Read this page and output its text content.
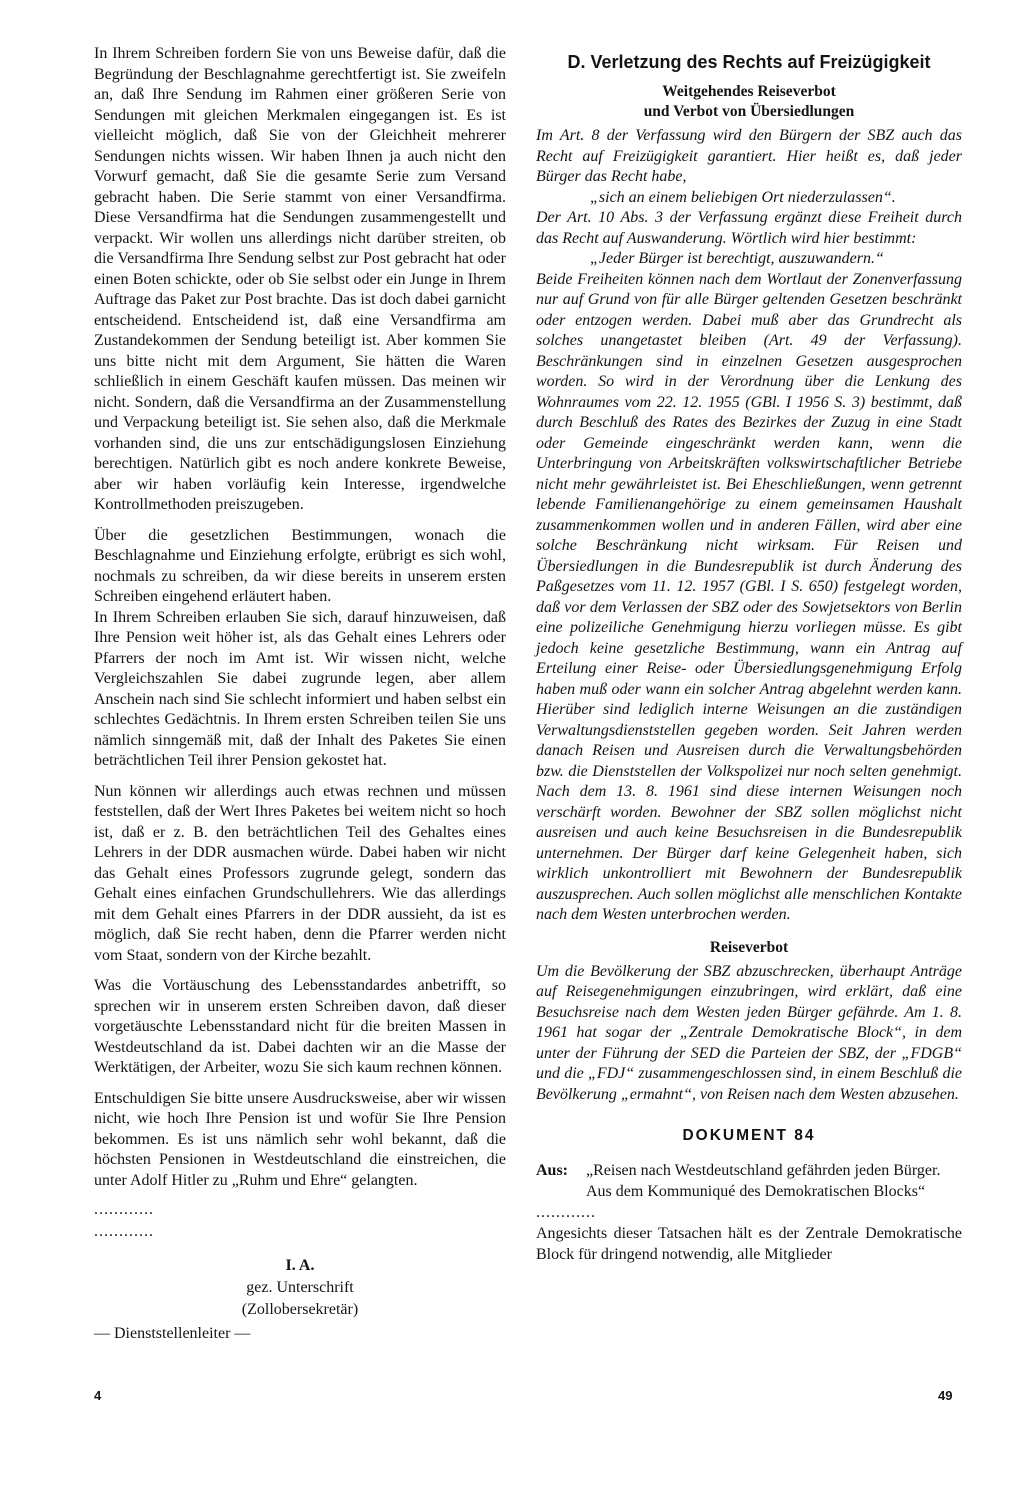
In Ihrem Schreiben fordern Sie von uns Beweise dafür, daß die Begründung der Beschlagnahme gerechtfertigt ist. Sie zweifeln an, daß Ihre Sendung im Rahmen einer größeren Serie von Sendungen mit gleichen Merkmalen eingegangen ist. Es ist vielleicht möglich, daß Sie von der Gleichheit mehrerer Sendungen nichts wissen. Wir haben Ihnen ja auch nicht den Vorwurf gemacht, daß Sie die gesamte Serie zum Versand gebracht haben. Die Serie stammt von einer Versandfirma. Diese Versandfirma hat die Sendungen zusammengestellt und verpackt. Wir wollen uns allerdings nicht darüber streiten, ob die Versandfirma Ihre Sendung selbst zur Post gebracht hat oder einen Boten schickte, oder ob Sie selbst oder ein Junge in Ihrem Auftrage das Paket zur Post brachte. Das ist doch dabei garnicht entscheidend. Entscheidend ist, daß eine Versandfirma am Zustandekommen der Sendung beteiligt ist. Aber kommen Sie uns bitte nicht mit dem Argument, Sie hätten die Waren schließlich in einem Geschäft kaufen müssen. Das meinen wir nicht. Sondern, daß die Versandfirma an der Zusammenstellung und Verpackung beteiligt ist. Sie sehen also, daß die Merkmale vorhanden sind, die uns zur entschädigungslosen Einziehung berechtigen. Natürlich gibt es noch andere konkrete Beweise, aber wir haben vorläufig kein Interesse, irgendwelche Kontrollmethoden preiszugeben.

Über die gesetzlichen Bestimmungen, wonach die Beschlagnahme und Einziehung erfolgte, erübrigt es sich wohl, nochmals zu schreiben, da wir diese bereits in unserem ersten Schreiben eingehend erläutert haben.

In Ihrem Schreiben erlauben Sie sich, darauf hinzuweisen, daß Ihre Pension weit höher ist, als das Gehalt eines Lehrers oder Pfarrers der noch im Amt ist. Wir wissen nicht, welche Vergleichszahlen Sie dabei zugrunde legen, aber allem Anschein nach sind Sie schlecht informiert und haben selbst ein schlechtes Gedächtnis. In Ihrem ersten Schreiben teilen Sie uns nämlich sinngemäß mit, daß der Inhalt des Paketes Sie einen beträchtlichen Teil ihrer Pension gekostet hat.

Nun können wir allerdings auch etwas rechnen und müssen feststellen, daß der Wert Ihres Paketes bei weitem nicht so hoch ist, daß er z. B. den beträchtlichen Teil des Gehaltes eines Lehrers in der DDR ausmachen würde. Dabei haben wir nicht das Gehalt eines Professors zugrunde gelegt, sondern das Gehalt eines einfachen Grundschullehrers. Wie das allerdings mit dem Gehalt eines Pfarrers in der DDR aussieht, da ist es möglich, daß Sie recht haben, denn die Pfarrer werden nicht vom Staat, sondern von der Kirche bezahlt.

Was die Vortäuschung des Lebensstandardes anbetrifft, so sprechen wir in unserem ersten Schreiben davon, daß dieser vorgetäuschte Lebensstandard nicht für die breiten Massen in Westdeutschland da ist. Dabei dachten wir an die Masse der Werktätigen, der Arbeiter, wozu Sie sich kaum rechnen können.

Entschuldigen Sie bitte unsere Ausdrucksweise, aber wir wissen nicht, wie hoch Ihre Pension ist und wofür Sie Ihre Pension bekommen. Es ist uns nämlich sehr wohl bekannt, daß die höchsten Pensionen in Westdeutschland die einstreichen, die unter Adolf Hitler zu „Ruhm und Ehre“ gelangten.

............
............
I. A.
gez. Unterschrift
(Zollobersekretär)
— Dienststellenleiter —
D. Verletzung des Rechts auf Freizügigkeit
Weitgehendes Reiseverbot
und Verbot von Übersiedlungen

Im Art. 8 der Verfassung wird den Bürgern der SBZ auch das Recht auf Freizügigkeit garantiert. Hier heißt es, daß jeder Bürger das Recht habe,

„sich an einem beliebigen Ort niederzulassen“.

Der Art. 10 Abs. 3 der Verfassung ergänzt diese Freiheit durch das Recht auf Auswanderung. Wörtlich wird hier bestimmt:

„Jeder Bürger ist berechtigt, auszuwandern.“

Beide Freiheiten können nach dem Wortlaut der Zonenverfassung nur auf Grund von für alle Bürger geltenden Gesetzen beschränkt oder entzogen werden. Dabei muß aber das Grundrecht als solches unangetastet bleiben (Art. 49 der Verfassung). Beschränkungen sind in einzelnen Gesetzen ausgesprochen worden. So wird in der Verordnung über die Lenkung des Wohnraumes vom 22. 12. 1955 (GBl. I 1956 S. 3) bestimmt, daß durch Beschluß des Rates des Bezirkes der Zuzug in eine Stadt oder Gemeinde eingeschränkt werden kann, wenn die Unterbringung von Arbeitskräften volkswirtschaftlicher Betriebe nicht mehr gewährleistet ist. Bei Eheschließungen, wenn getrennt lebende Familienangehörige zu einem gemeinsamen Haushalt zusammenkommen wollen und in anderen Fällen, wird aber eine solche Beschränkung nicht wirksam. Für Reisen und Übersiedlungen in die Bundesrepublik ist durch Änderung des Paßgesetzes vom 11. 12. 1957 (GBl. I S. 650) festgelegt worden, daß vor dem Verlassen der SBZ oder des Sowjetsektors von Berlin eine polizeiliche Genehmigung hierzu vorliegen müsse. Es gibt jedoch keine gesetzliche Bestimmung, wann ein Antrag auf Erteilung einer Reise- oder Übersiedlungsgenehmigung Erfolg haben muß oder wann ein solcher Antrag abgelehnt werden kann. Hierüber sind lediglich interne Weisungen an die zuständigen Verwaltungsdienststellen gegeben worden. Seit Jahren werden danach Reisen und Ausreisen durch die Verwaltungsbehörden bzw. die Dienststellen der Volkspolizei nur noch selten genehmigt. Nach dem 13. 8. 1961 sind diese internen Weisungen noch verschärft worden. Bewohner der SBZ sollen möglichst nicht ausreisen und auch keine Besuchsreisen in die Bundesrepublik unternehmen. Der Bürger darf keine Gelegenheit haben, sich wirklich unkontrolliert mit Bewohnern der Bundesrepublik auszusprechen. Auch sollen möglichst alle menschlichen Kontakte nach dem Westen unterbrochen werden.

Reiseverbot

Um die Bevölkerung der SBZ abzuschrecken, überhaupt Anträge auf Reisegenehmigungen einzubringen, wird erklärt, daß eine Besuchsreise nach dem Westen jeden Bürger gefährde. Am 1. 8. 1961 hat sogar der „Zentrale Demokratische Block“, in dem unter der Führung der SED die Parteien der SBZ, der „FDGB“ und die „FDJ“ zusammengeschlossen sind, in einem Beschluß die Bevölkerung „ermahnt“, von Reisen nach dem Westen abzusehen.

DOKUMENT 84
Aus:	„Reisen nach Westdeutschland gefährden jeden Bürger. Aus dem Kommuniqué des Demokratischen Blocks“
............

Angesichts dieser Tatsachen hält es der Zentrale Demokratische Block für dringend notwendig, alle Mitglieder

4	49
